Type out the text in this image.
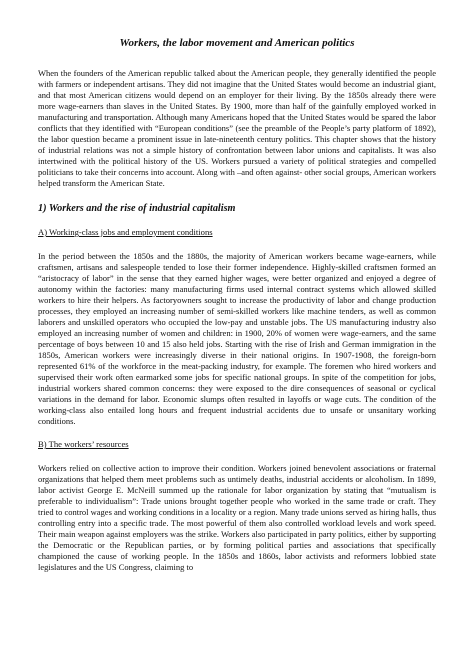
Workers, the labor movement and American politics

When the founders of the American republic talked about the American people, they generally identified the people with farmers or independent artisans. They did not imagine that the United States would become an industrial giant, and that most American citizens would depend on an employer for their living. By the 1850s already there were more wage-earners than slaves in the United States. By 1900, more than half of the gainfully employed worked in manufacturing and transportation. Although many Americans hoped that the United States would be spared the labor conflicts that they identified with “European conditions” (see the preamble of the People’s party platform of 1892), the labor question became a prominent issue in late-nineteenth century politics. This chapter shows that the history of industrial relations was not a simple history of confrontation between labor unions and capitalists. It was also intertwined with the political history of the US. Workers pursued a variety of political strategies and compelled politicians to take their concerns into account. Along with –and often against- other social groups, American workers helped transform the American State.

1) Workers and the rise of industrial capitalism
A) Working-class jobs and employment conditions

In the period between the 1850s and the 1880s, the majority of American workers became wage-earners, while craftsmen, artisans and salespeople tended to lose their former independence. Highly-skilled craftsmen formed an “aristocracy of labor” in the sense that they earned higher wages, were better organized and enjoyed a degree of autonomy within the factories: many manufacturing firms used internal contract systems which allowed skilled workers to hire their helpers. As factoryowners sought to increase the productivity of labor and change production processes, they employed an increasing number of semi-skilled workers like machine tenders, as well as common laborers and unskilled operators who occupied the low-pay and unstable jobs. The US manufacturing industry also employed an increasing number of women and children: in 1900, 20% of women were wage-earners, and the same percentage of boys between 10 and 15 also held jobs. Starting with the rise of Irish and German immigration in the 1850s, American workers were increasingly diverse in their national origins. In 1907-1908, the foreign-born represented 61% of the workforce in the meat-packing industry, for example. The foremen who hired workers and supervised their work often earmarked some jobs for specific national groups. In spite of the competition for jobs, industrial workers shared common concerns: they were exposed to the dire consequences of seasonal or cyclical variations in the demand for labor. Economic slumps often resulted in layoffs or wage cuts. The condition of the working-class also entailed long hours and frequent industrial accidents due to unsafe or unsanitary working conditions.

B) The workers’ resources

Workers relied on collective action to improve their condition. Workers joined benevolent associations or fraternal organizations that helped them meet problems such as untimely deaths, industrial accidents or alcoholism. In 1899, labor activist George E. McNeill summed up the rationale for labor organization by stating that “mutualism is preferable to individualism”: Trade unions brought together people who worked in the same trade or craft. They tried to control wages and working conditions in a locality or a region. Many trade unions served as hiring halls, thus controlling entry into a specific trade. The most powerful of them also controlled workload levels and work speed. Their main weapon against employers was the strike. Workers also participated in party politics, either by supporting the Democratic or the Republican parties, or by forming political parties and associations that specifically championed the cause of working people. In the 1850s and 1860s, labor activists and reformers lobbied state legislatures and the US Congress, claiming to
